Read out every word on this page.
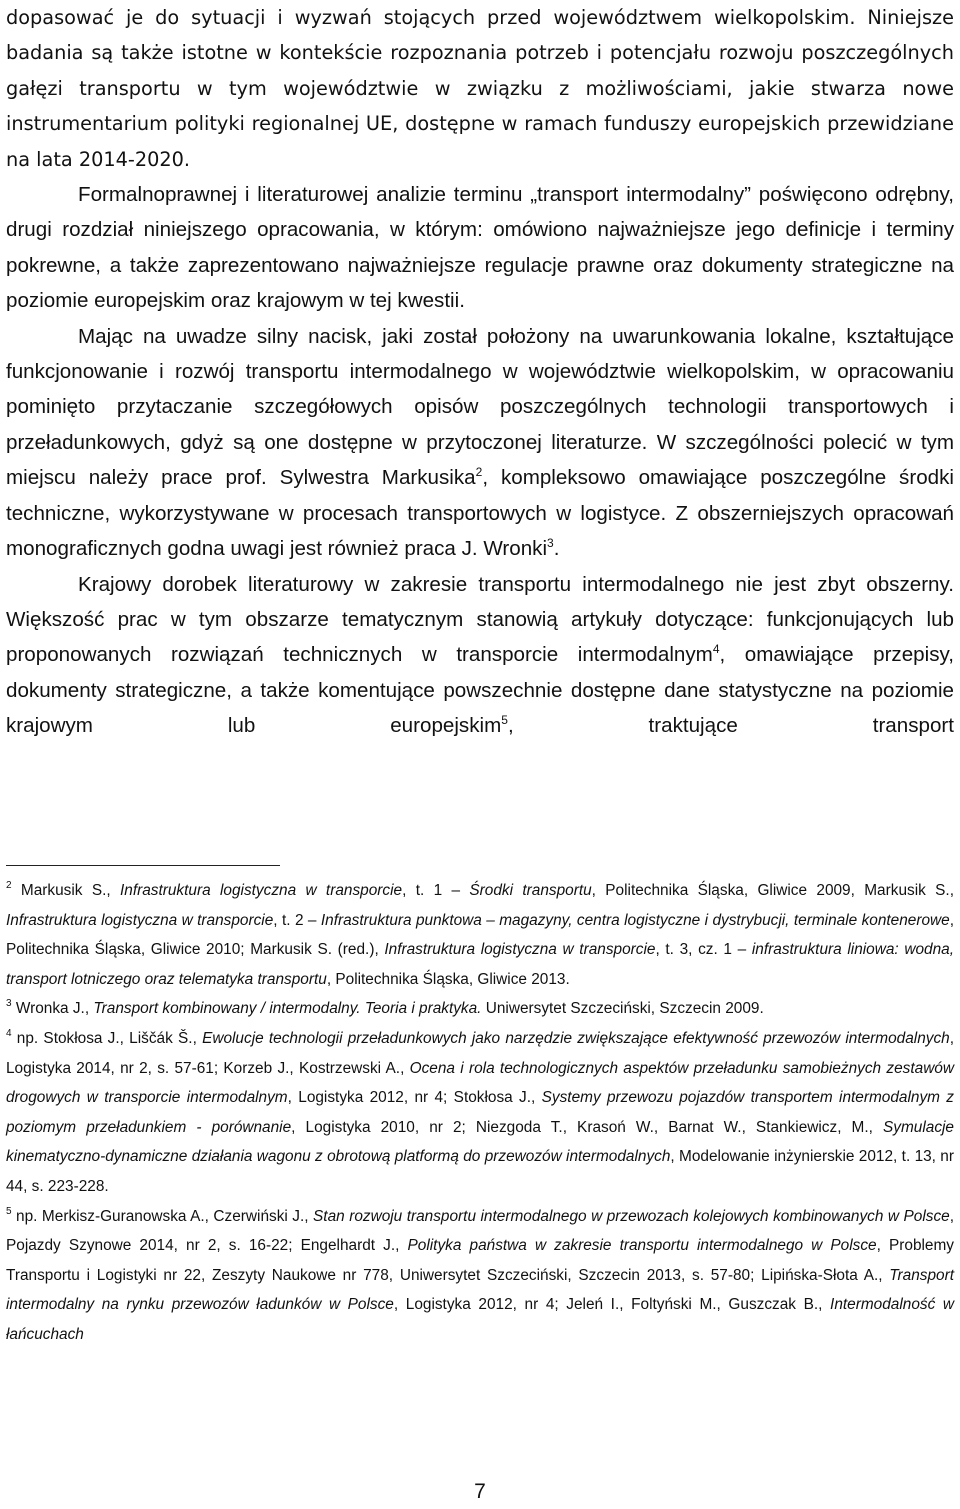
dopasować je do sytuacji i wyzwań stojących przed województwem wielkopolskim. Niniejsze badania są także istotne w kontekście rozpoznania potrzeb i potencjału rozwoju poszczególnych gałęzi transportu w tym województwie w związku z możliwościami, jakie stwarza nowe instrumentarium polityki regionalnej UE, dostępne w ramach funduszy europejskich przewidziane na lata 2014-2020.

Formalnoprawnej i literaturowej analizie terminu „transport intermodalny” poświęcono odrębny, drugi rozdział niniejszego opracowania, w którym: omówiono najważniejsze jego definicje i terminy pokrewne, a także zaprezentowano najważniejsze regulacje prawne oraz dokumenty strategiczne na poziomie europejskim oraz krajowym w tej kwestii.

Mając na uwadze silny nacisk, jaki został położony na uwarunkowania lokalne, kształtujące funkcjonowanie i rozwój transportu intermodalnego w województwie wielkopolskim, w opracowaniu pominięto przytaczanie szczegółowych opisów poszczególnych technologii transportowych i przeładunkowych, gdyż są one dostępne w przytoczonej literaturze. W szczególności polecić w tym miejscu należy prace prof. Sylwestra Markusika$^2$, kompleksowo omawiające poszczególne środki techniczne, wykorzystywane w procesach transportowych w logistyce. Z obszerniejszych opracowań monograficznych godna uwagi jest również praca J. Wronki$^3$.

Krajowy dorobek literaturowy w zakresie transportu intermodalnego nie jest zbyt obszerny. Większość prac w tym obszarze tematycznym stanowią artykuły dotyczące: funkcjonujących lub proponowanych rozwiązań technicznych w transporcie intermodalnym$^4$, omawiające przepisy, dokumenty strategiczne, a także komentujące powszechnie dostępne dane statystyczne na poziomie krajowym lub europejskim$^5$, traktujące transport

$^2$ Markusik S., Infrastruktura logistyczna w transporcie, t. 1 – Środki transportu, Politechnika Śląska, Gliwice 2009, Markusik S., Infrastruktura logistyczna w transporcie, t. 2 – Infrastruktura punktowa – magazyny, centra logistyczne i dystrybucji, terminale kontenerowe, Politechnika Śląska, Gliwice 2010; Markusik S. (red.), Infrastruktura logistyczna w transporcie, t. 3, cz. 1 – infrastruktura liniowa: wodna, transport lotniczego oraz telematyka transportu, Politechnika Śląska, Gliwice 2013.

$^3$ Wronka J., Transport kombinowany / intermodalny. Teoria i praktyka. Uniwersytet Szczeciński, Szczecin 2009.

$^4$ np. Stokłosa J., Liščák Š., Ewolucje technologii przeładunkowych jako narzędzie zwiększające efektywność przewozów intermodalnych, Logistyka 2014, nr 2, s. 57-61; Korzeb J., Kostrzewski A., Ocena i rola technologicznych aspektów przeładunku samobieżnych zestawów drogowych w transporcie intermodalnym, Logistyka 2012, nr 4; Stokłosa J., Systemy przewozu pojazdów transportem intermodalnym z poziomym przeładunkiem - porównanie, Logistyka 2010, nr 2; Niezgoda T., Krasoń W., Barnat W., Stankiewicz, M., Symulacje kinematyczno-dynamiczne działania wagonu z obrotową platformą do przewozów intermodalnych, Modelowanie inżynierskie 2012, t. 13, nr 44, s. 223-228.

$^5$ np. Merkisz-Guranowska A., Czerwiński J., Stan rozwoju transportu intermodalnego w przewozach kolejowych kombinowanych w Polsce, Pojazdy Szynowe 2014, nr 2, s. 16-22; Engelhardt J., Polityka państwa w zakresie transportu intermodalnego w Polsce, Problemy Transportu i Logistyki nr 22, Zeszyty Naukowe nr 778, Uniwersytet Szczeciński, Szczecin 2013, s. 57-80; Lipińska-Słota A., Transport intermodalny na rynku przewozów ładunków w Polsce, Logistyka 2012, nr 4; Jeleń I., Foltyński M., Guszczak B., Intermodalność w łańcuchach

7
